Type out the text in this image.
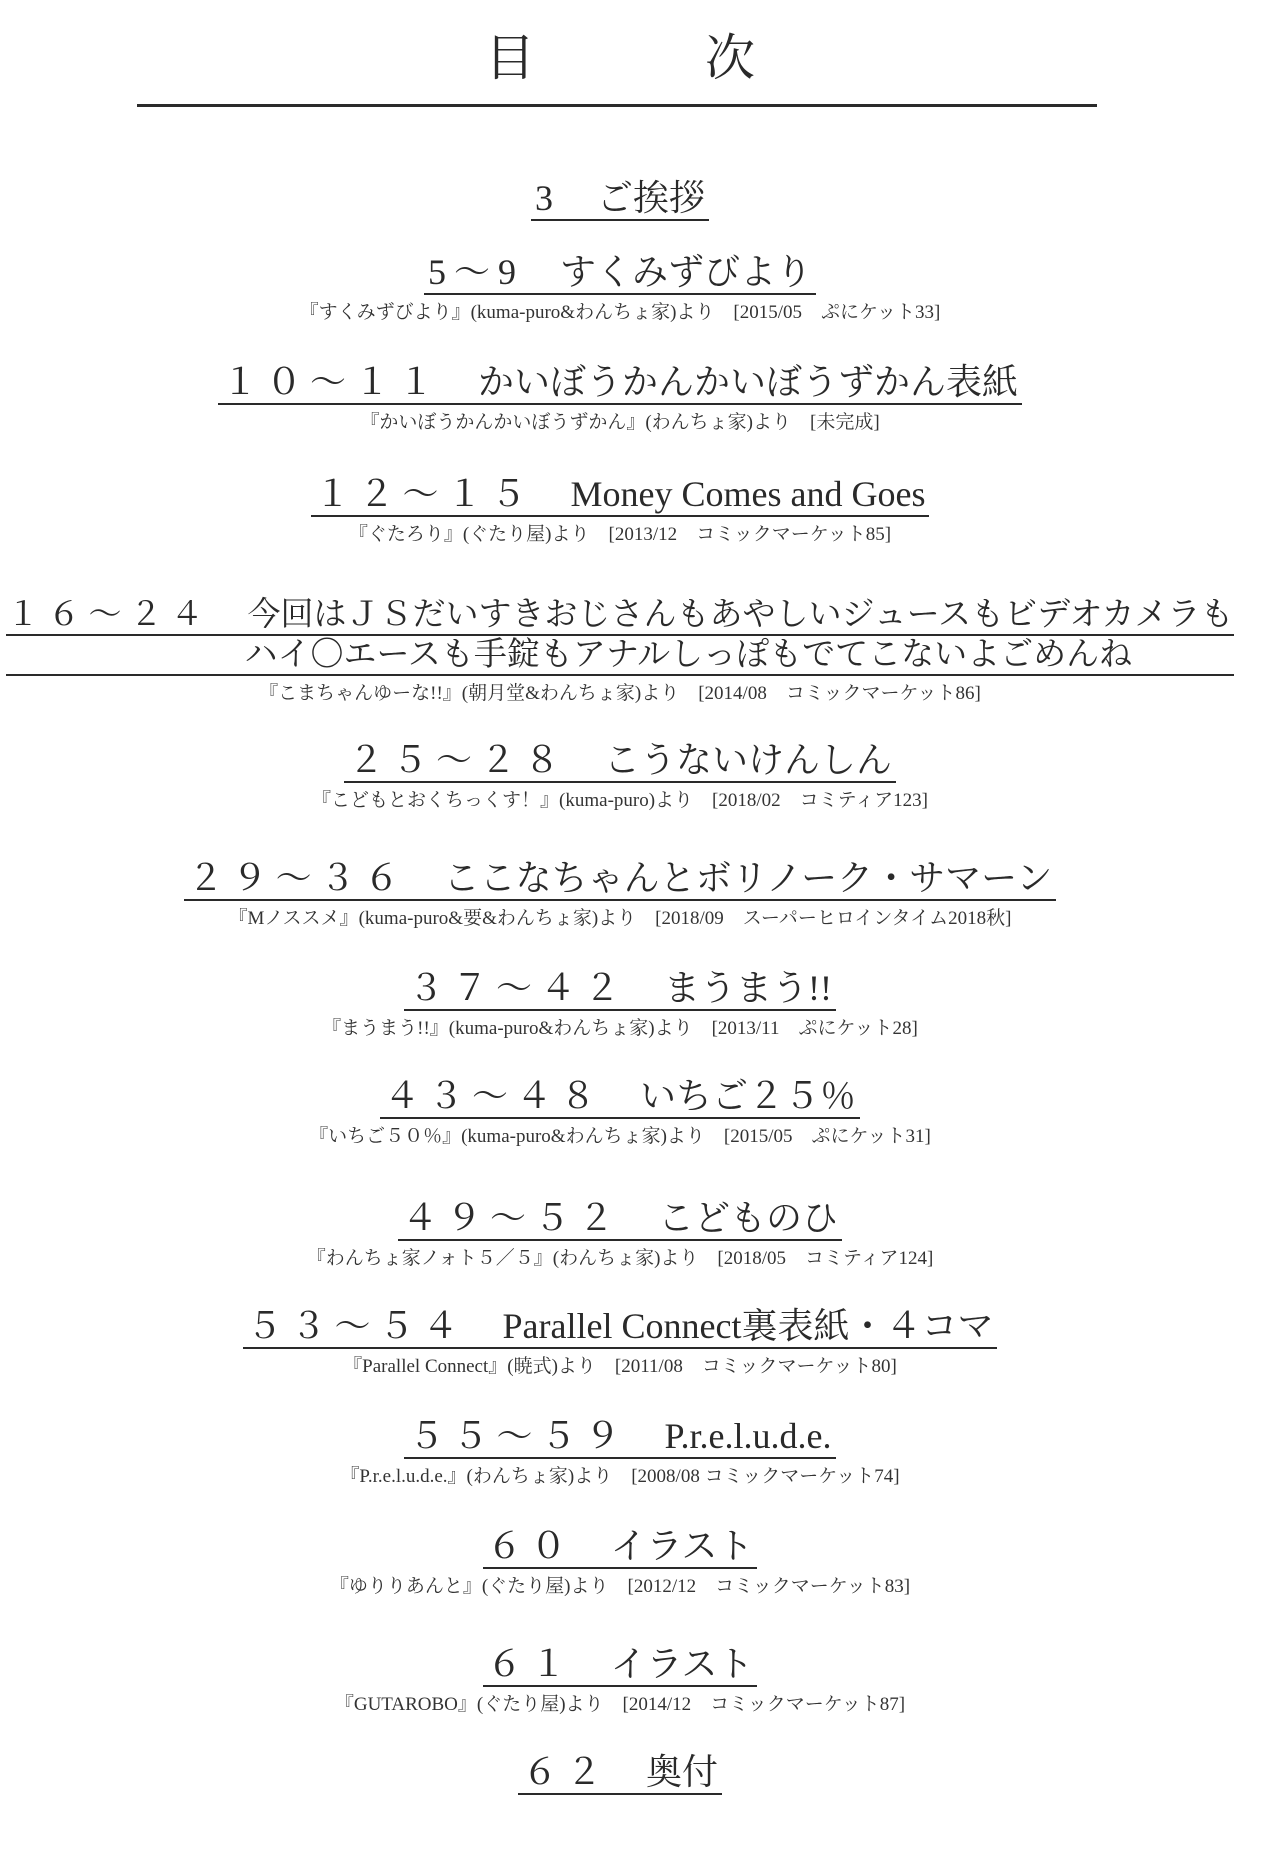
目　次
3 ご挨拶
5〜9 すくみずびより
『すくみずびより』(kuma-puro&わんちょ家)より　[2015/05　ぷにケット33]
１０〜１１ かいぼうかんかいぼうずかん表紙
『かいぼうかんかいぼうずかん』(わんちょ家)より　[未完成]
１２〜１５ Money Comes and Goes
『ぐたろり』(ぐたり屋)より　[2013/12　コミックマーケット85]
１６〜２４ 今回はＪＳだいすきおじさんもあやしいジュースもビデオカメラも
ハイ〇エースも手錠もアナルしっぽもでてこないよごめんね
『こまちゃんゆーな!!』(朝月堂&わんちょ家)より　[2014/08　コミックマーケット86]
２５〜２８ こうないけんしん
『こどもとおくちっくす！』(kuma-puro)より　[2018/02　コミティア123]
２９〜３６ ここなちゃんとボリノーク・サマーン
『Mノススメ』(kuma-puro&要&わんちょ家)より　[2018/09　スーパーヒロインタイム2018秋]
３７〜４２ まうまう!!
『まうまう!!』(kuma-puro&わんちょ家)より　[2013/11　ぷにケット28]
４３〜４８ いちご２５％
『いちご５０％』(kuma-puro&わんちょ家)より　[2015/05　ぷにケット31]
４９〜５２ こどものひ
『わんちょ家ノォト５／５』(わんちょ家)より　[2018/05　コミティア124]
５３〜５４ Parallel Connect裏表紙・４コマ
『Parallel Connect』(暁式)より　[2011/08　コミックマーケット80]
５５〜５９ P.r.e.l.u.d.e.
『P.r.e.l.u.d.e.』(わんちょ家)より　[2008/08 コミックマーケット74]
６０ イラスト
『ゆりりあんと』(ぐたり屋)より　[2012/12　コミックマーケット83]
６１ イラスト
『GUTAROBO』(ぐたり屋)より　[2014/12　コミックマーケット87]
６２ 奥付
